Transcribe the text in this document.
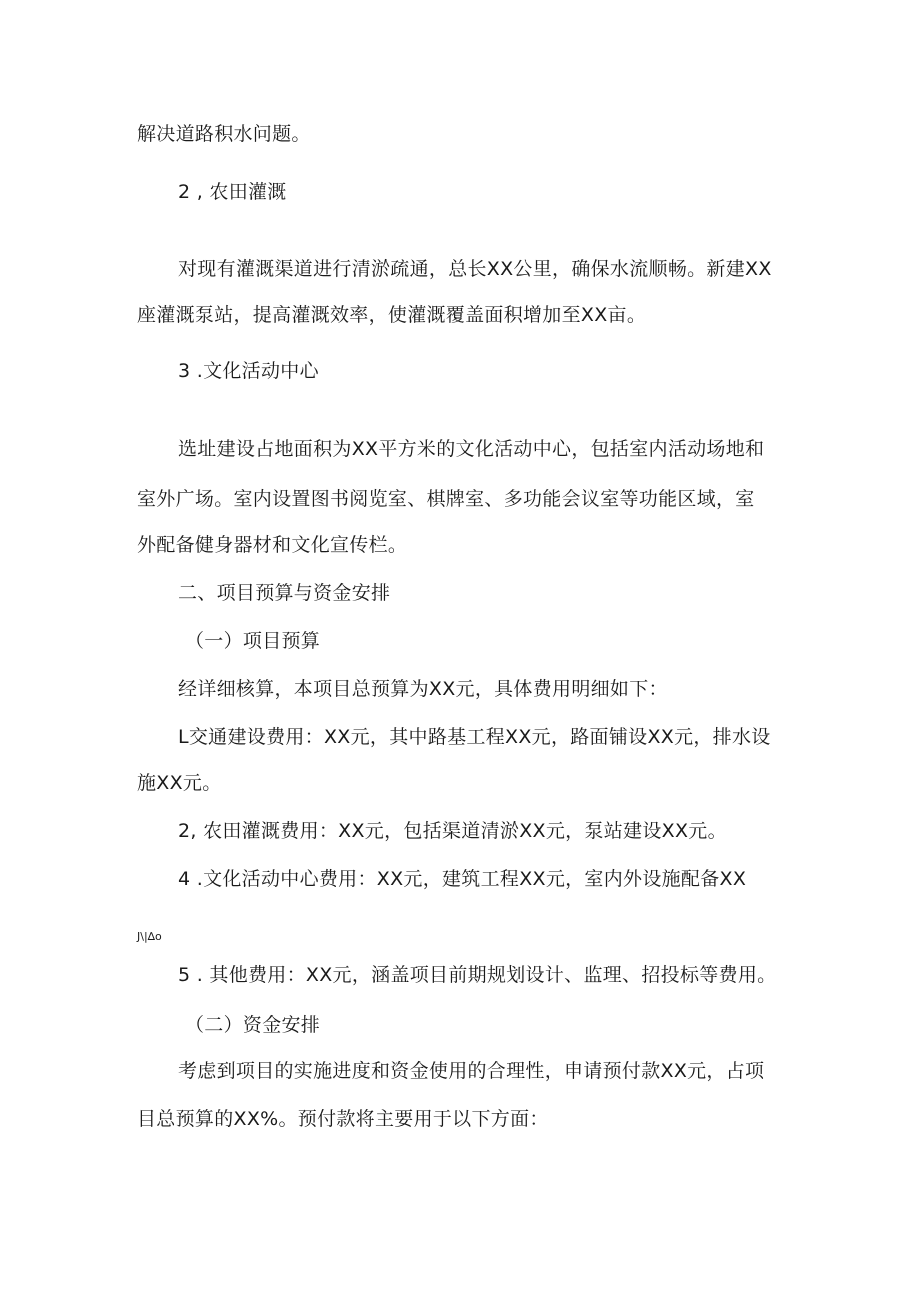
解决道路积水问题。
2 , 农田灌溉
对现有灌溉渠道进行清淤疏通，总长XX公里，确保水流顺畅。新建XX
座灌溉泵站，提高灌溉效率，使灌溉覆盖面积增加至XX亩。
3 .文化活动中心
选址建设占地面积为XX平方米的文化活动中心，包括室内活动场地和
室外广场。室内设置图书阅览室、棋牌室、多功能会议室等功能区域，室
外配备健身器材和文化宣传栏。
二、项目预算与资金安排
（一）项目预算
经详细核算，本项目总预算为XX元，具体费用明细如下：
L交通建设费用：XX元，其中路基工程XX元，路面铺设XX元，排水设
施XX元。
2, 农田灌溉费用：XX元，包括渠道清淤XX元，泵站建设XX元。
4 .文化活动中心费用：XX元，建筑工程XX元，室内外设施配备XX
J\|∆o
5 . 其他费用：XX元，涵盖项目前期规划设计、监理、招投标等费用。
（二）资金安排
考虑到项目的实施进度和资金使用的合理性，申请预付款XX元，占项
目总预算的XX%。预付款将主要用于以下方面：
